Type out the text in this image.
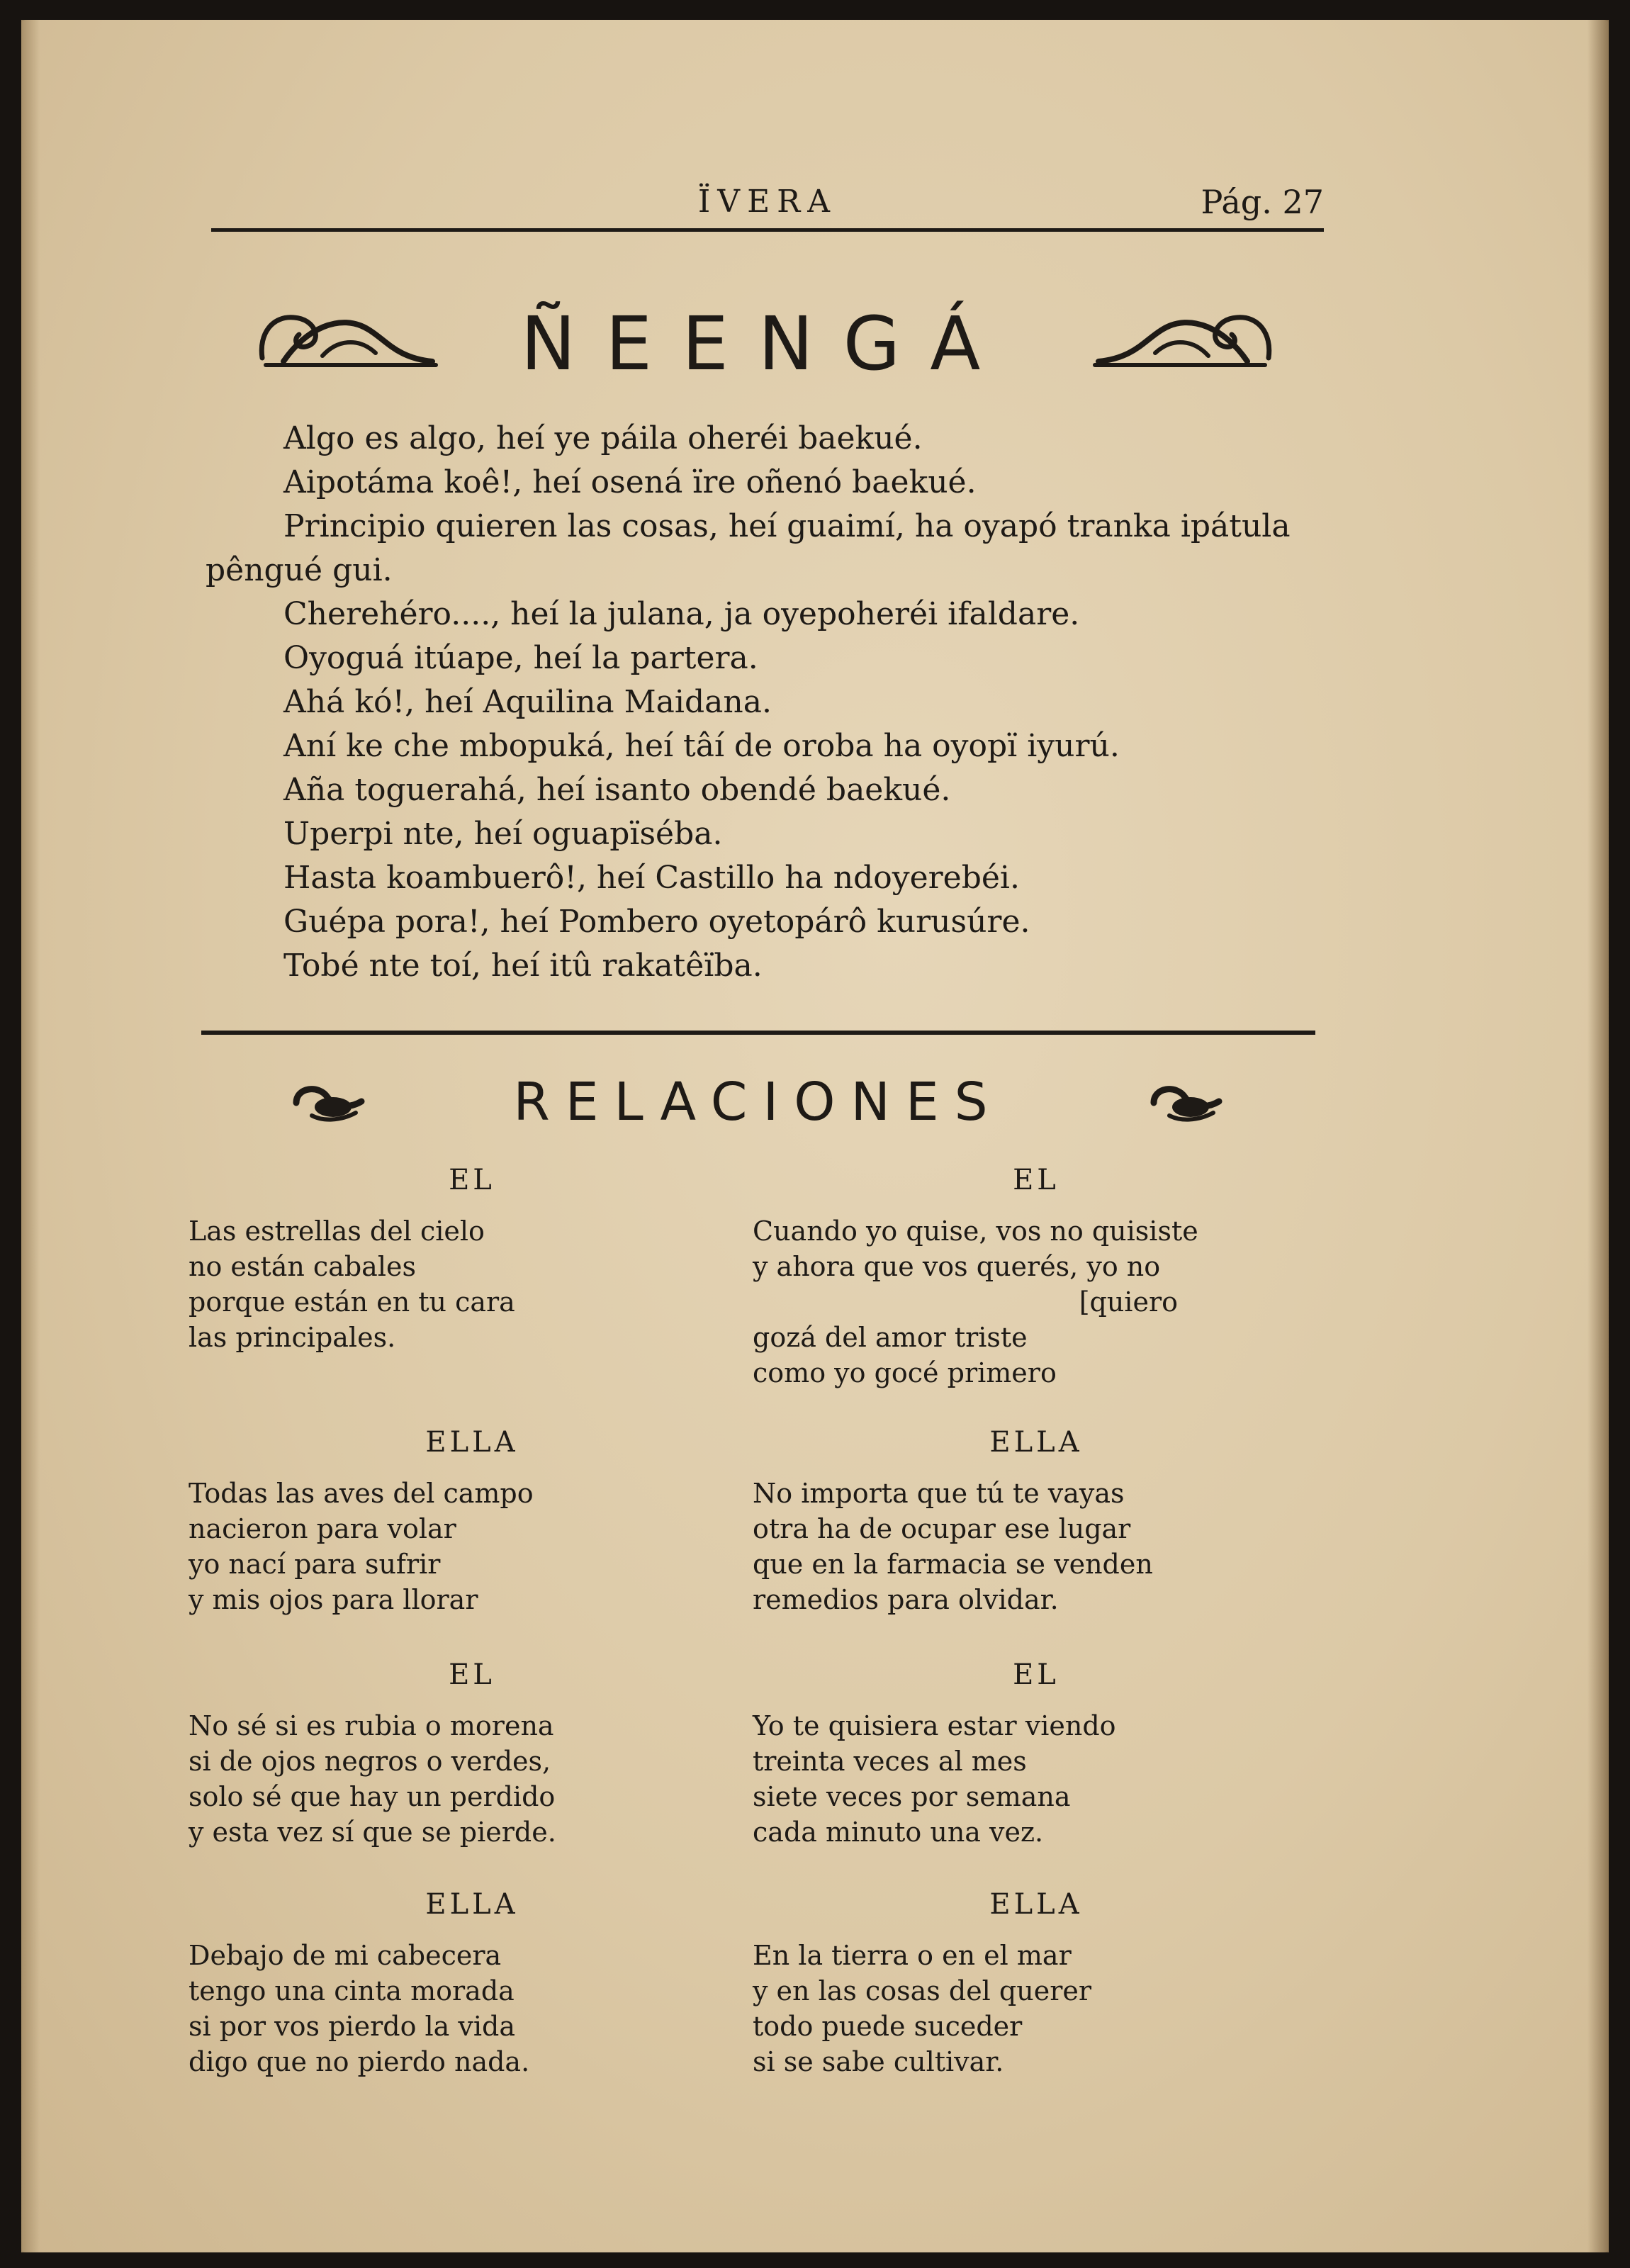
ÏVERA	Pág. 27
ÑEENGÁ

Algo es algo, heí ye páila oheréi baekué.

Aipotáma koê!, heí osená ïre oñenó baekué.

Principio quieren las cosas, heí guaimí, ha oyapó tranka ipátula pêngué gui.

Cherehéro...., heí la julana, ja oyepoheréi ifaldare.

Oyoguá itúape, heí la partera.

Ahá kó!, heí Aquilina Maidana.

Aní ke che mbopuká, heí tâí de oroba ha oyopï iyurú.

Aña toguerahá, heí isanto obendé baekué.

Uperpi nte, heí oguapïséba.

Hasta koambuerô!, heí Castillo ha ndoyerebéi.

Guépa pora!, heí Pombero oyetopárô kurusúre.

Tobé nte toí, heí itû rakatêïba.

RELACIONES
EL
Las estrellas del cielo
no están cabales
porque están en tu cara
las principales.
ELLA
Todas las aves del campo
nacieron para volar
yo nací para sufrir
y mis ojos para llorar
EL
No sé si es rubia o morena
si de ojos negros o verdes,
solo sé que hay un perdido
y esta vez sí que se pierde.
ELLA
Debajo de mi cabecera
tengo una cinta morada
si por vos pierdo la vida
digo que no pierdo nada.
EL
Cuando yo quise, vos no quisiste
y ahora que vos querés, yo no
[quiero
gozá del amor triste
como yo gocé primero
ELLA
No importa que tú te vayas
otra ha de ocupar ese lugar
que en la farmacia se venden
remedios para olvidar.
EL
Yo te quisiera estar viendo
treinta veces al mes
siete veces por semana
cada minuto una vez.
ELLA
En la tierra o en el mar
y en las cosas del querer
todo puede suceder
si se sabe cultivar.
